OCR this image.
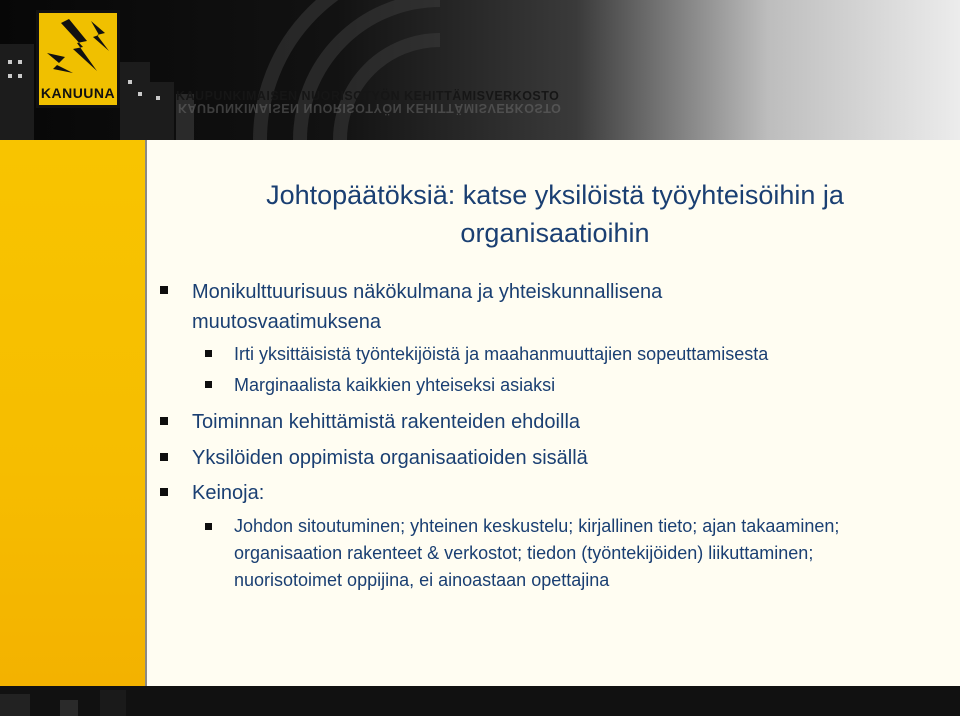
KANUUNA	KAUPUNKIMAISEN NUORISOTYÖN KEHITTÄMISVERKOSTO
KAUPUNKIMAISEN NUORISOTYÖN KEHITTÄMISVERKOSTO
Johtopäätöksiä: katse yksilöistä työyhteisöihin ja organisaatioihin
Monikulttuurisuus näkökulmana ja yhteiskunnallisena muutosvaatimuksena
Irti yksittäisistä työntekijöistä ja maahanmuuttajien sopeuttamisesta
Marginaalista kaikkien yhteiseksi asiaksi
Toiminnan kehittämistä rakenteiden ehdoilla
Yksilöiden oppimista organisaatioiden sisällä
Keinoja:
Johdon sitoutuminen; yhteinen keskustelu; kirjallinen tieto; ajan takaaminen; organisaation rakenteet & verkostot; tiedon (työntekijöiden) liikuttaminen; nuorisotoimet oppijina, ei ainoastaan opettajina
